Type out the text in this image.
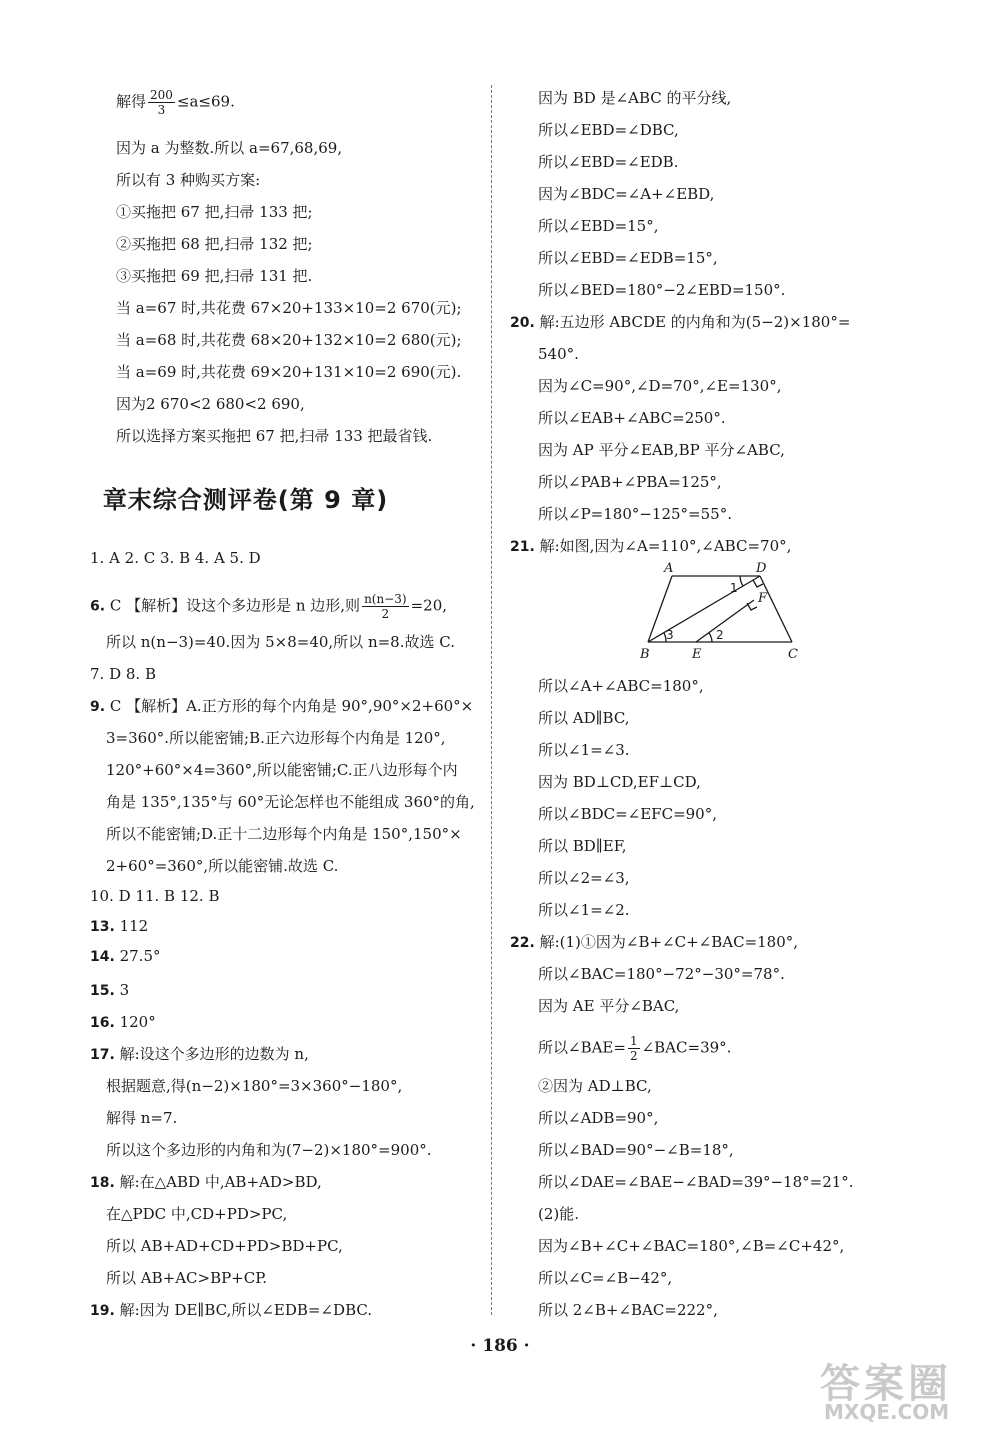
解得 $\frac{200}{3} \le a\le 69$.
因为 a 为整数.所以 a=67,68,69,
所以有 3 种购买方案:
①买拖把 67 把,扫帚 133 把;
②买拖把 68 把,扫帚 132 把;
③买拖把 69 把,扫帚 131 把.
当 a=67 时,共花费 67×20+133×10=2 670(元);
当 a=68 时,共花费 68×20+132×10=2 680(元);
当 a=69 时,共花费 69×20+131×10=2 690(元).
因为2 670<2 680<2 690,
所以选择方案买拖把 67 把,扫帚 133 把最省钱.
章末综合测评卷(第 9 章)
1. A 2. C 3. B 4. A 5. D
6. C 【解析】设这个多边形是 n 边形,则 $\frac{n(n-3)}{2} =20$,
所以 n(n−3)=40.因为 5×8=40,所以 n=8.故选 C.
7. D 8. B
9. C 【解析】A.正方形的每个内角是 90°,90°×2+60°×
3=360°.所以能密铺;B.正六边形每个内角是 120°,
120°+60°×4=360°,所以能密铺;C.正八边形每个内
角是 135°,135°与 60°无论怎样也不能组成 360°的角,
所以不能密铺;D.正十二边形每个内角是 150°,150°×
2+60°=360°,所以能密铺.故选 C.
10. D 11. B 12. B
13. 112
14. 27.5°
15. 3
16. 120°
17. 解:设这个多边形的边数为 n,
根据题意,得(n−2)×180°=3×360°−180°,
解得 n=7.
所以这个多边形的内角和为(7−2)×180°=900°.
18. 解:在△ABD 中,AB+AD>BD,
在△PDC 中,CD+PD>PC,
所以 AB+AD+CD+PD>BD+PC,
所以 AB+AC>BP+CP.
19. 解:因为 DE∥BC,所以∠EDB=∠DBC.
因为 BD 是∠ABC 的平分线,
所以∠EBD=∠DBC,
所以∠EBD=∠EDB.
因为∠BDC=∠A+∠EBD,
所以∠EBD=15°,
所以∠EBD=∠EDB=15°,
所以∠BED=180°−2∠EBD=150°.
20. 解:五边形 ABCDE 的内角和为(5−2)×180°=
540°.
因为∠C=90°,∠D=70°,∠E=130°,
所以∠EAB+∠ABC=250°.
因为 AP 平分∠EAB,BP 平分∠ABC,
所以∠PAB+∠PBA=125°,
所以∠P=180°−125°=55°.
21. 解:如图,因为∠A=110°,∠ABC=70°,
A	D
F
B	E	C
1
3	2
所以∠A+∠ABC=180°,
所以 AD∥BC,
所以∠1=∠3.
因为 BD⊥CD,EF⊥CD,
所以∠BDC=∠EFC=90°,
所以 BD∥EF,
所以∠2=∠3,
所以∠1=∠2.
22. 解:(1)①因为∠B+∠C+∠BAC=180°,
所以∠BAC=180°−72°−30°=78°.
因为 AE 平分∠BAC,
所以∠BAE= $\frac{1}{2}$ ∠BAC=39°.
②因为 AD⊥BC,
所以∠ADB=90°,
所以∠BAD=90°−∠B=18°,
所以∠DAE=∠BAE−∠BAD=39°−18°=21°.
(2)能.
因为∠B+∠C+∠BAC=180°,∠B=∠C+42°,
所以∠C=∠B−42°,
所以 2∠B+∠BAC=222°,
· 186 ·
答案圈
MXQE.COM
